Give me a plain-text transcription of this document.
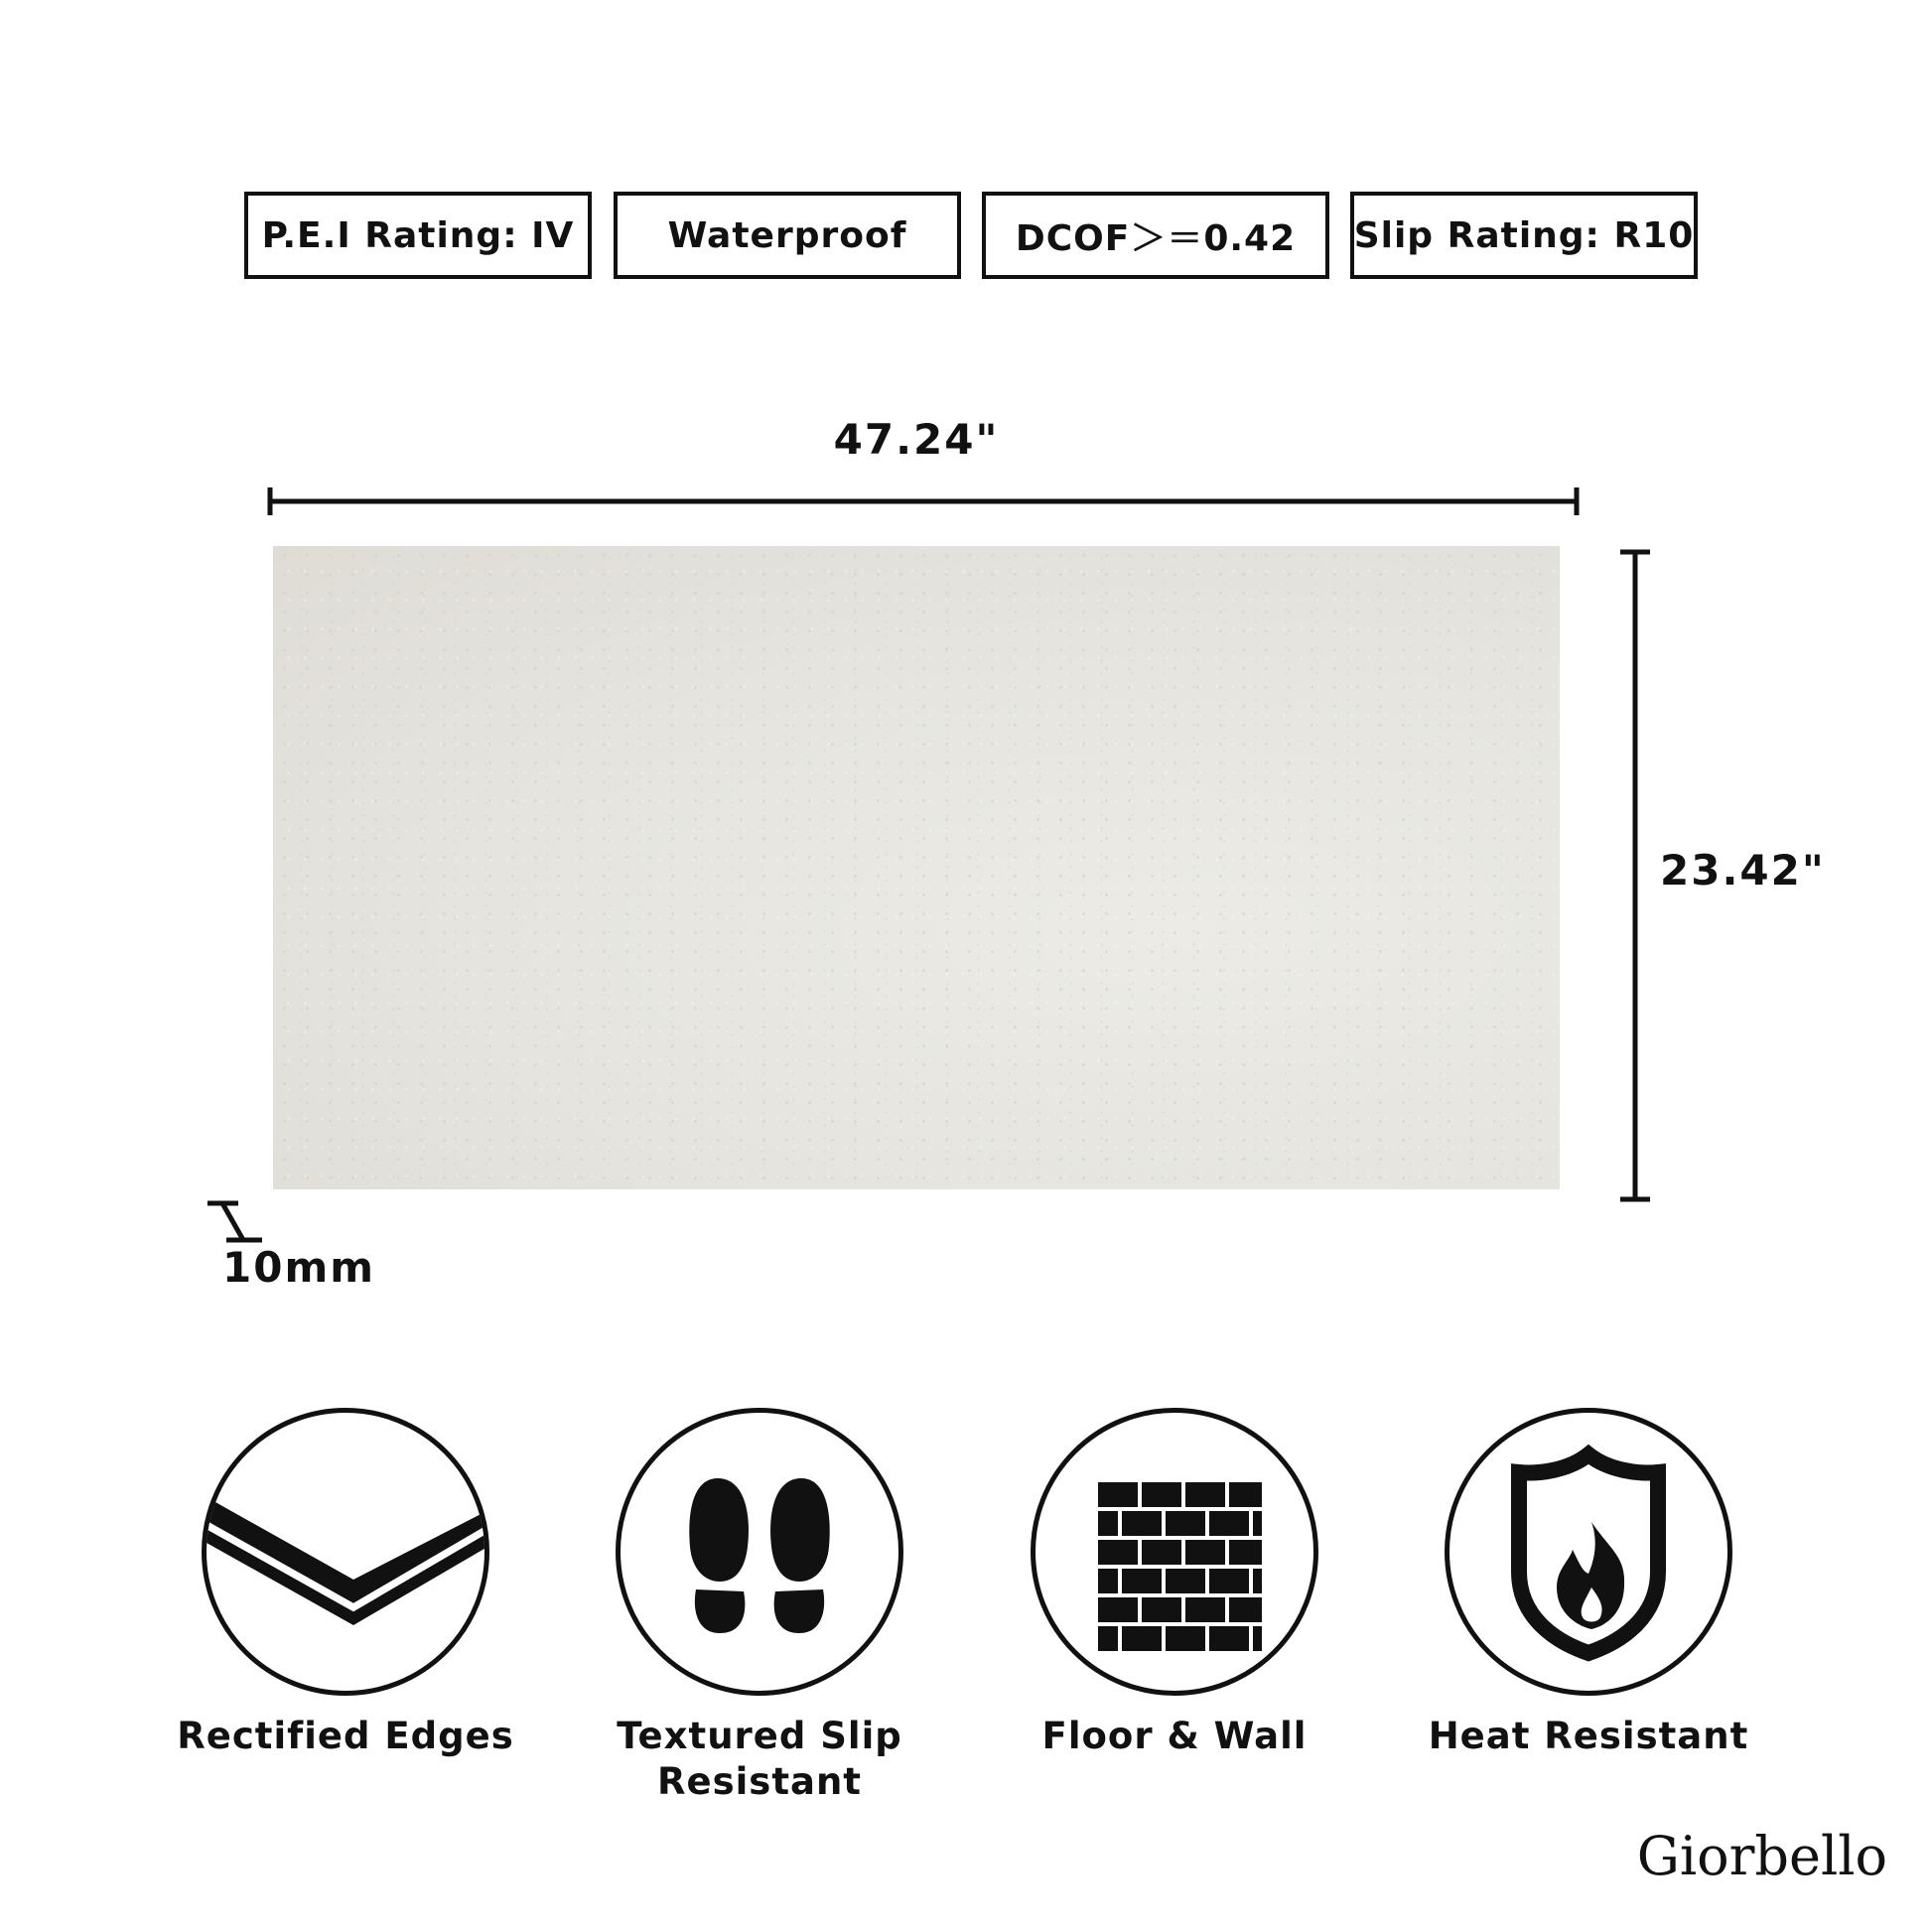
P.E.I Rating: IV	Waterproof	DCOF＞＝0.42	Slip Rating: R10
47.24"
23.42"
10mm
Rectified Edges	Textured Slip
Resistant
Floor & Wall	Heat Resistant
Giorbello
